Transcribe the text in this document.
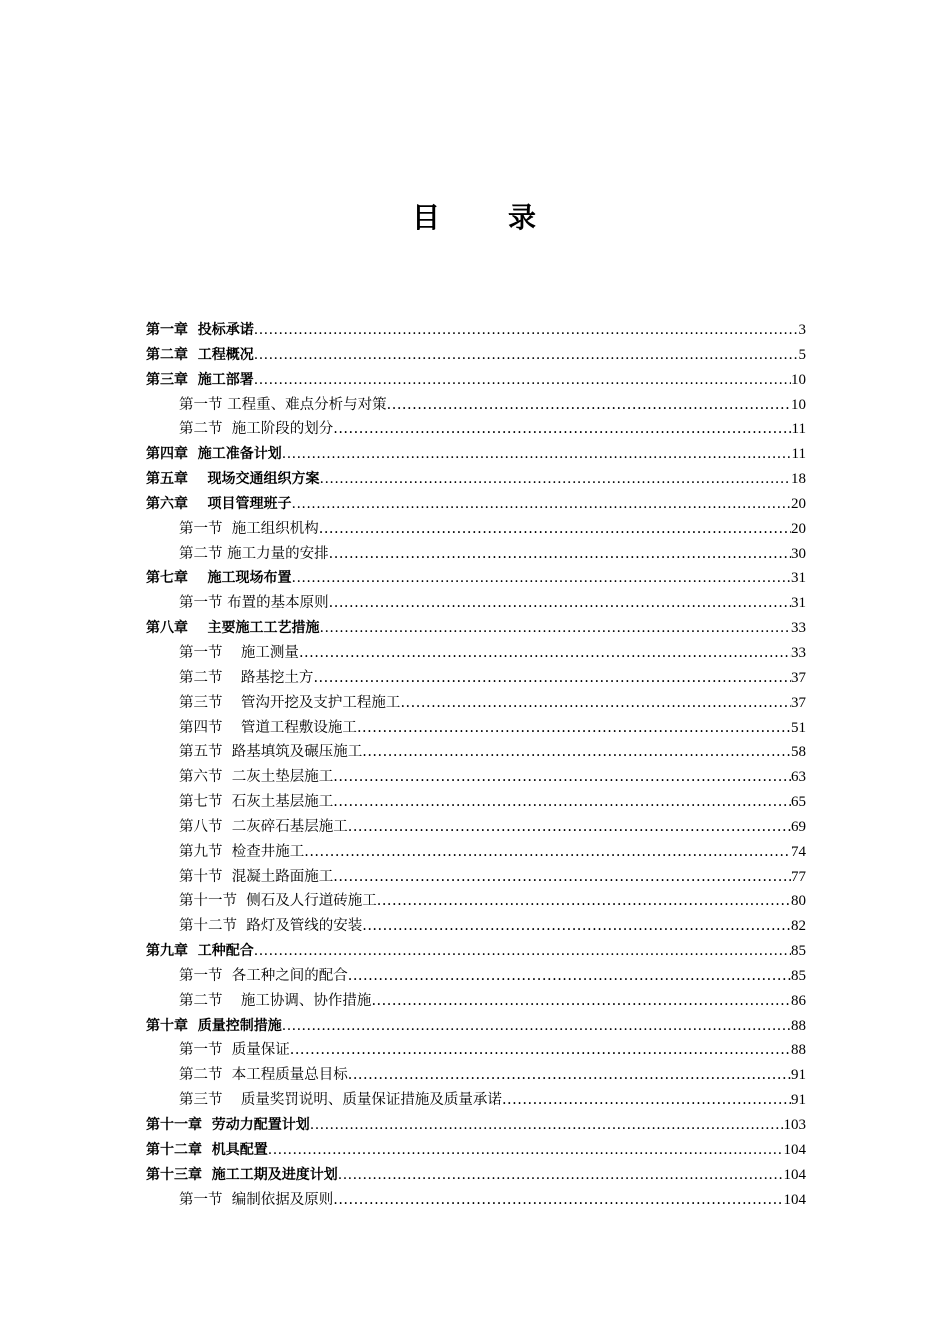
目 录
第一章  投标承诺 .....	3
第二章  工程概况 .....	5
第三章  施工部署 .....	10
第一节 工程重、难点分析与对策 .....	10
第二节  施工阶段的划分 .....	11
第四章  施工准备计划 .....	11
第五章    现场交通组织方案 .....	18
第六章    项目管理班子 .....	20
第一节  施工组织机构 .....	20
第二节 施工力量的安排 .....	30
第七章    施工现场布置 .....	31
第一节 布置的基本原则 .....	31
第八章    主要施工工艺措施 .....	33
第一节    施工测量 .....	33
第二节    路基挖土方 .....	37
第三节    管沟开挖及支护工程施工 .....	37
第四节    管道工程敷设施工 .....	51
第五节  路基填筑及碾压施工 .....	58
第六节  二灰土垫层施工 .....	63
第七节  石灰土基层施工 .....	65
第八节  二灰碎石基层施工 .....	69
第九节  检查井施工 .....	74
第十节  混凝土路面施工 .....	77
第十一节  侧石及人行道砖施工 .....	80
第十二节  路灯及管线的安装 .....	82
第九章  工种配合 .....	85
第一节  各工种之间的配合 .....	85
第二节    施工协调、协作措施 .....	86
第十章  质量控制措施 .....	88
第一节  质量保证 .....	88
第二节  本工程质量总目标 .....	91
第三节    质量奖罚说明、质量保证措施及质量承诺 .....	91
第十一章  劳动力配置计划 .....	103
第十二章  机具配置 .....	104
第十三章  施工工期及进度计划 .....	104
第一节  编制依据及原则 .....	104
